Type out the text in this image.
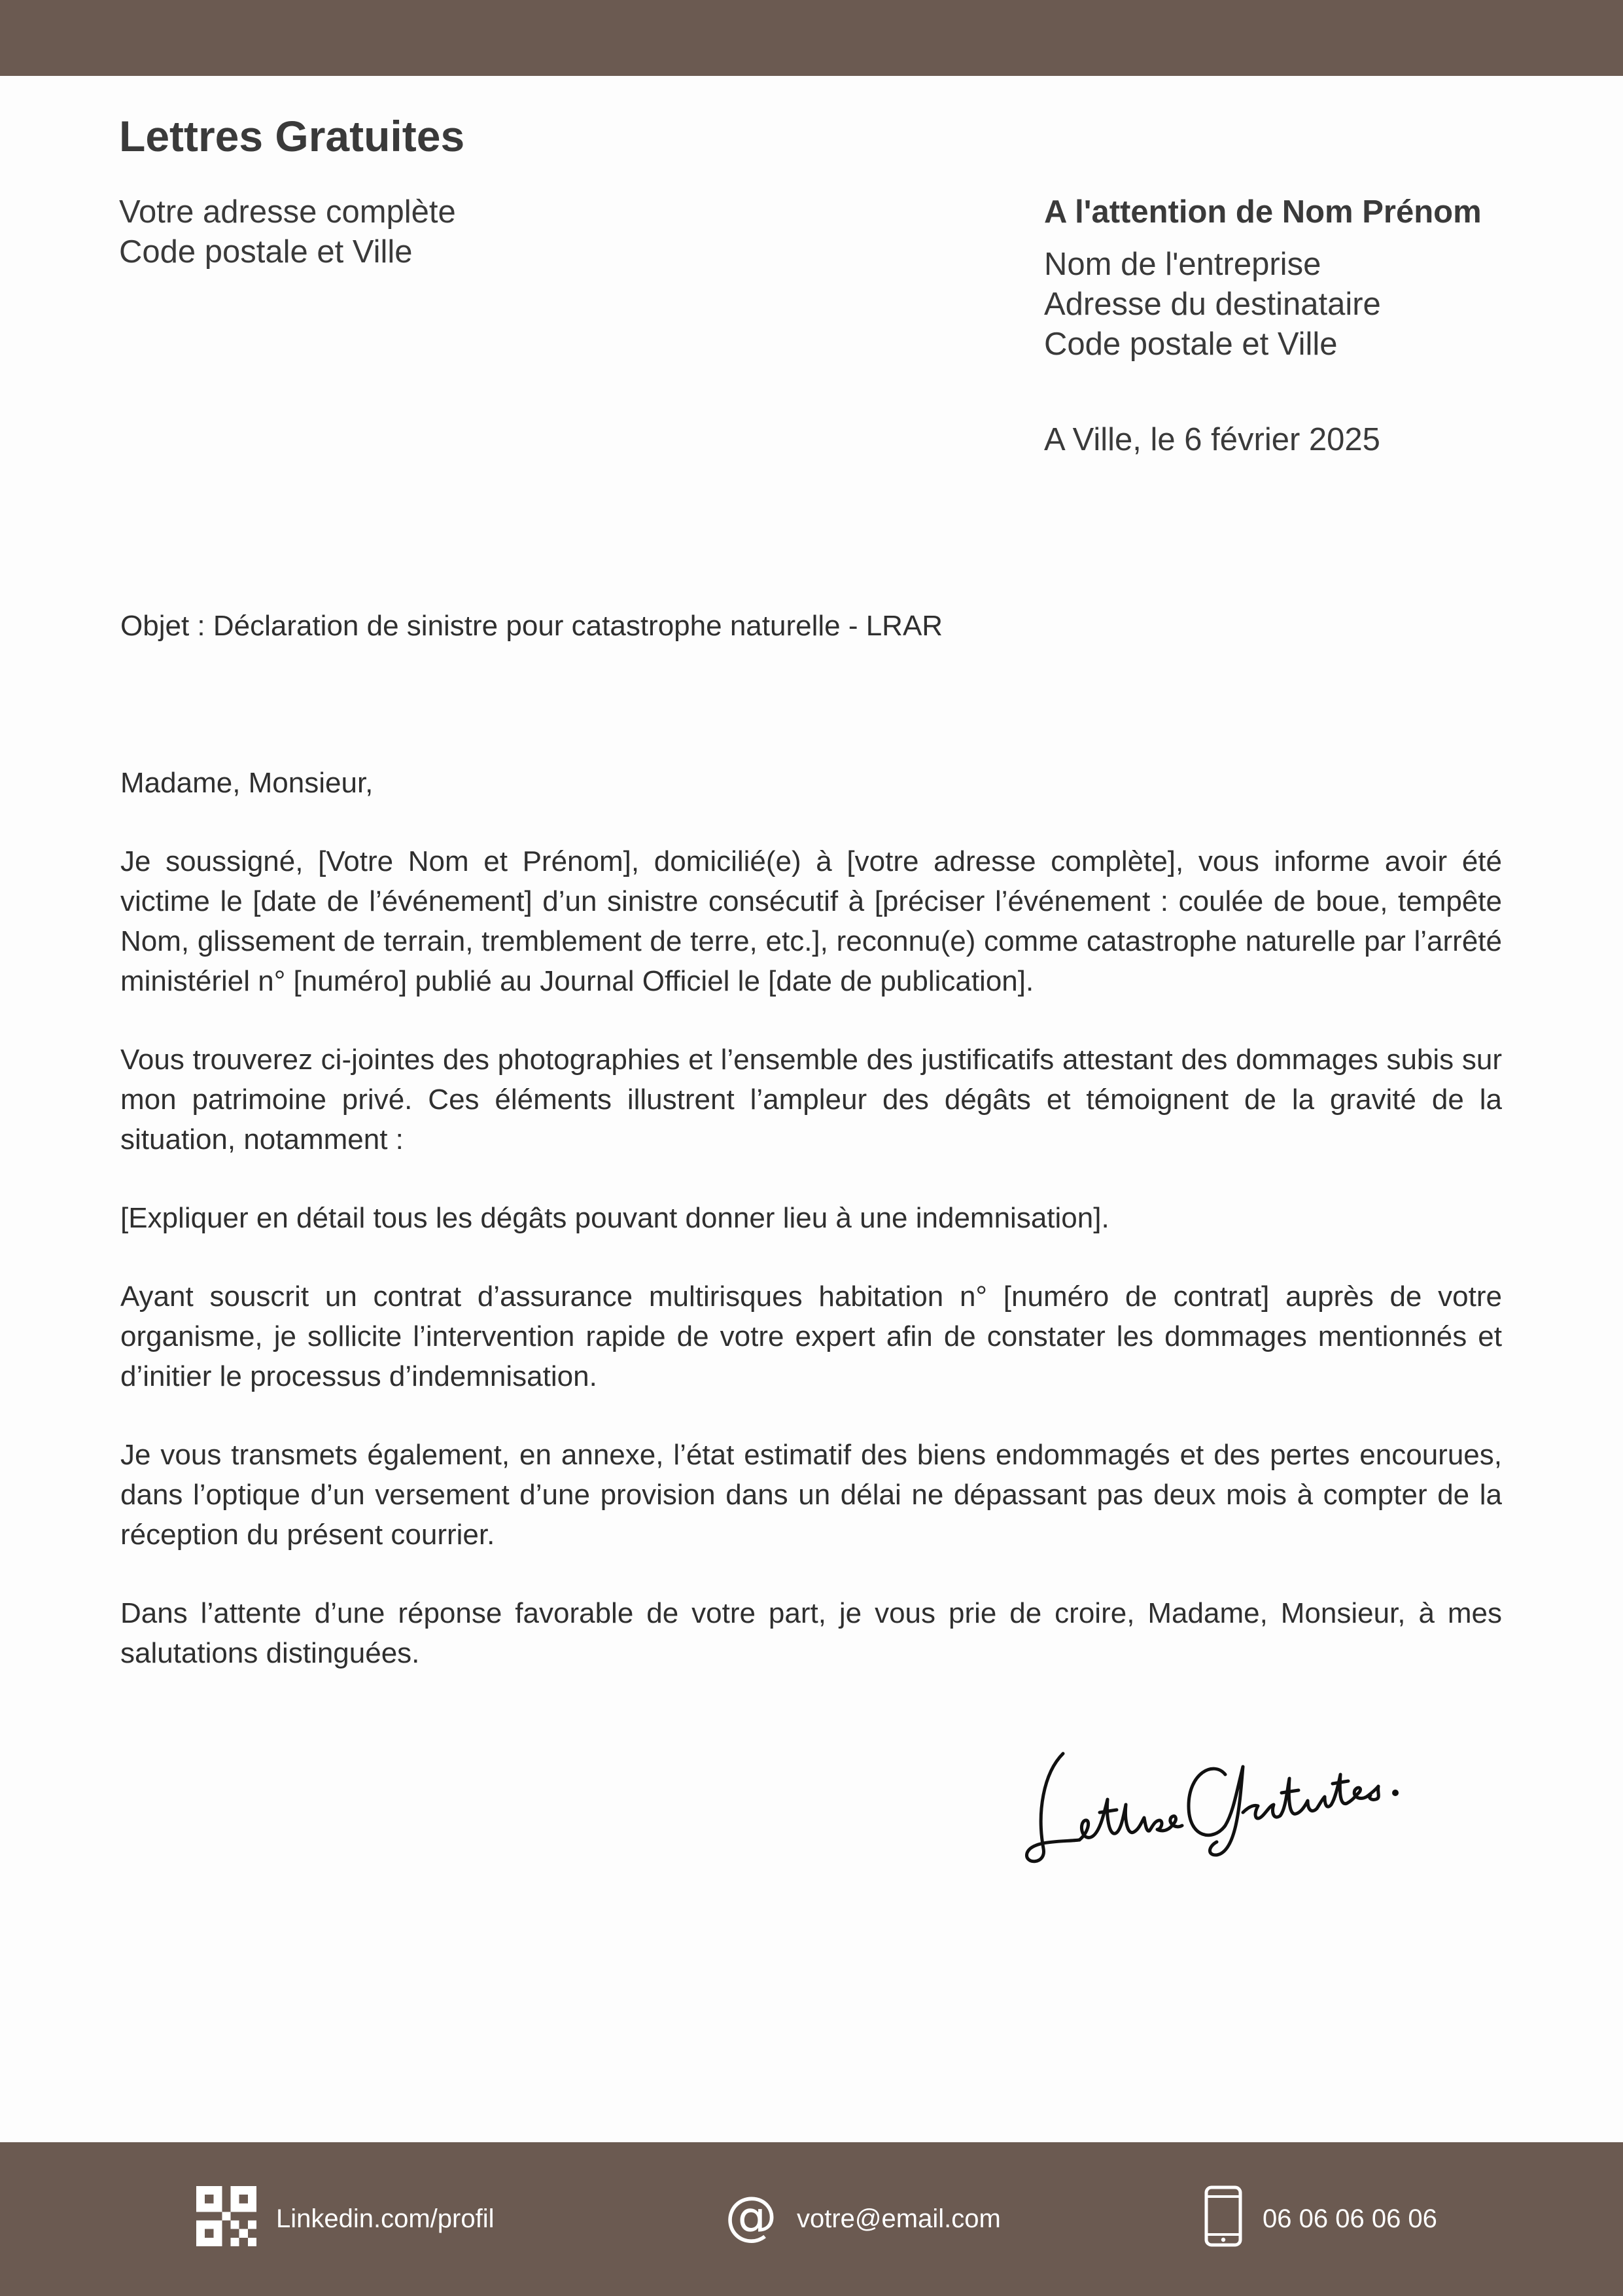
Lettres Gratuites
Votre adresse complète
Code postale et Ville
A l'attention de Nom Prénom
Nom de l'entreprise
Adresse du destinataire
Code postale et Ville
A Ville, le 6 février 2025
Objet : Déclaration de sinistre pour catastrophe naturelle - LRAR

Madame, Monsieur,

Je soussigné, [Votre Nom et Prénom], domicilié(e) à [votre adresse complète], vous informe avoir été victime le [date de l’événement] d’un sinistre consécutif à [préciser l’événement : coulée de boue, tempête Nom, glissement de terrain, tremblement de terre, etc.], reconnu(e) comme catastrophe naturelle par l’arrêté ministériel n° [numéro] publié au Journal Officiel le [date de publication].

Vous trouverez ci-jointes des photographies et l’ensemble des justificatifs attestant des dommages subis sur mon patrimoine privé. Ces éléments illustrent l’ampleur des dégâts et témoignent de la gravité de la situation, notamment :

[Expliquer en détail tous les dégâts pouvant donner lieu à une indemnisation].

Ayant souscrit un contrat d’assurance multirisques habitation n° [numéro de contrat] auprès de votre organisme, je sollicite l’intervention rapide de votre expert afin de constater les dommages mentionnés et d’initier le processus d’indemnisation.

Je vous transmets également, en annexe, l’état estimatif des biens endommagés et des pertes encourues, dans l’optique d’un versement d’une provision dans un délai ne dépassant pas deux mois à compter de la réception du présent courrier.

Dans l’attente d’une réponse favorable de votre part, je vous prie de croire, Madame, Monsieur, à mes salutations distinguées.

Linkedin.com/profil	@ votre@email.com	06 06 06 06 06
